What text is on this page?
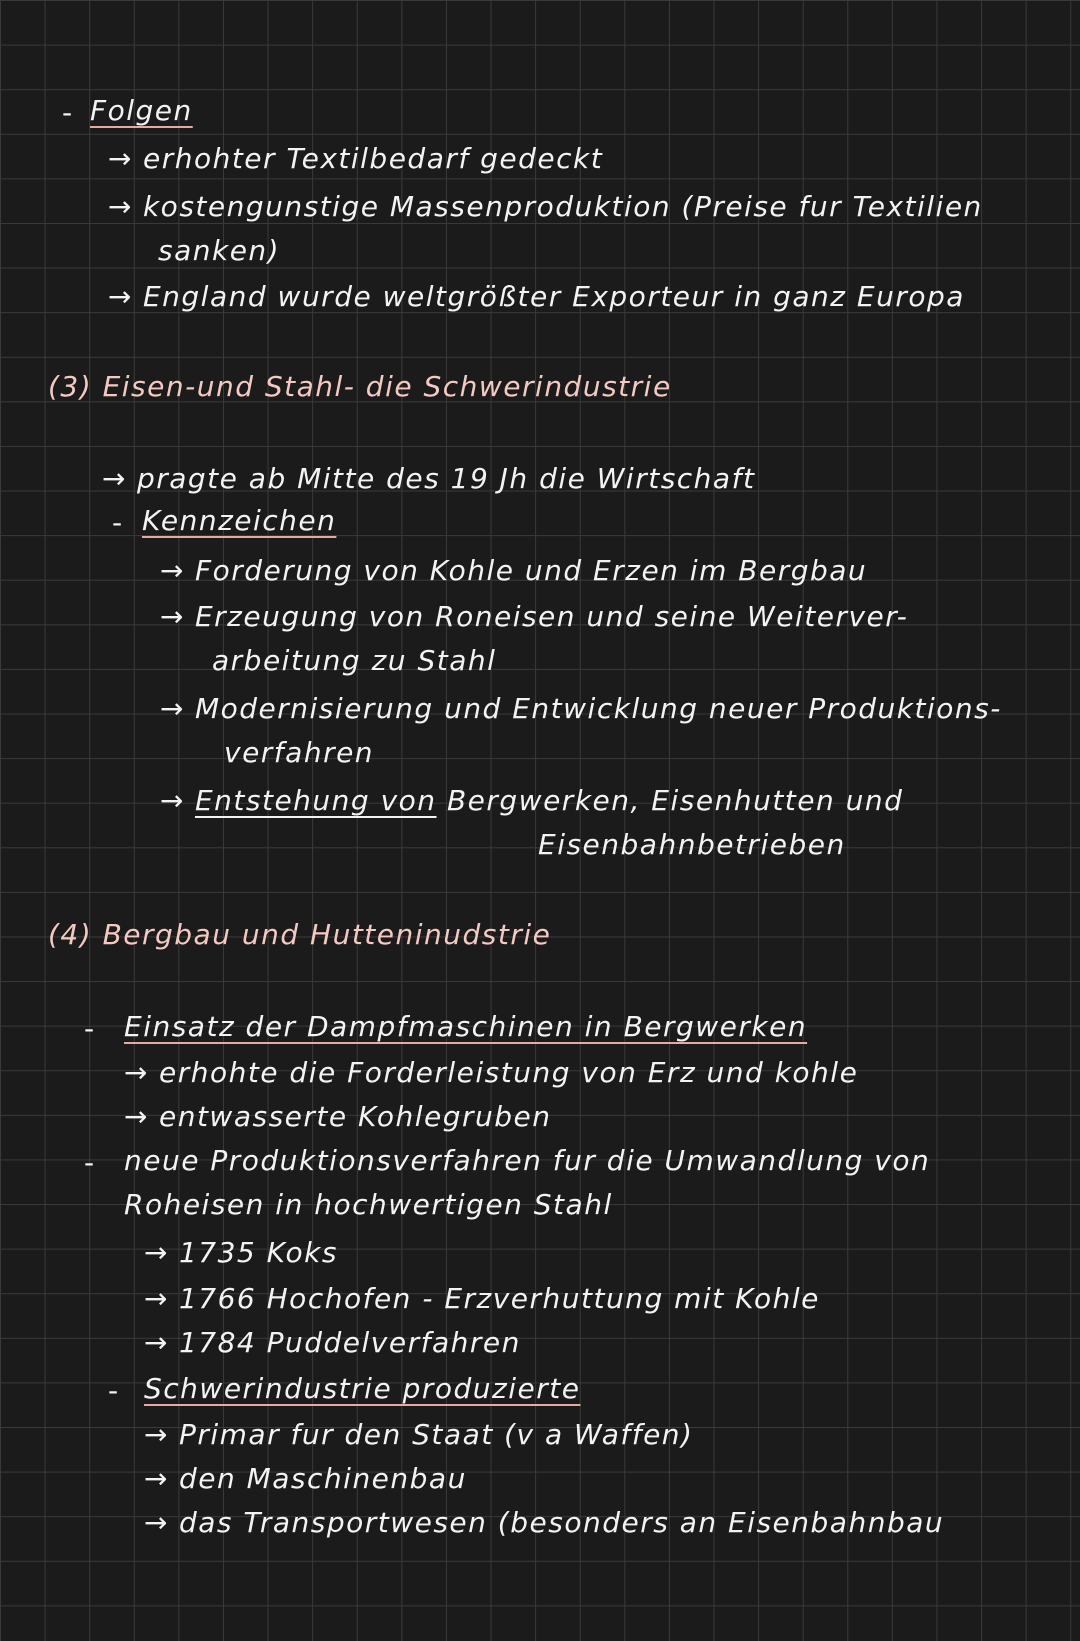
- Folgen
→ erhohter Textilbedarf gedeckt
→ kostengunstige Massenproduktion (Preise fur Textilien
sanken)
→ England wurde weltgrößter Exporteur in ganz Europa
(3) Eisen-und Stahl- die Schwerindustrie
→ pragte ab Mitte des 19 Jh die Wirtschaft
- Kennzeichen
→ Forderung von Kohle und Erzen im Bergbau
→ Erzeugung von Roneisen und seine Weiterver-
arbeitung zu Stahl
→ Modernisierung und Entwicklung neuer Produktions-
verfahren
→ Entstehung von Bergwerken, Eisenhutten und
Eisenbahnbetrieben
(4) Bergbau und Hutteninudstrie
- Einsatz der Dampfmaschinen in Bergwerken
→ erhohte die Forderleistung von Erz und kohle
→ entwasserte Kohlegruben
- neue Produktionsverfahren fur die Umwandlung von
Roheisen in hochwertigen Stahl
→ 1735 Koks
→ 1766 Hochofen - Erzverhuttung mit Kohle
→ 1784 Puddelverfahren
- Schwerindustrie produzierte
→ Primar fur den Staat (v a Waffen)
→ den Maschinenbau
→ das Transportwesen (besonders an Eisenbahnbau
